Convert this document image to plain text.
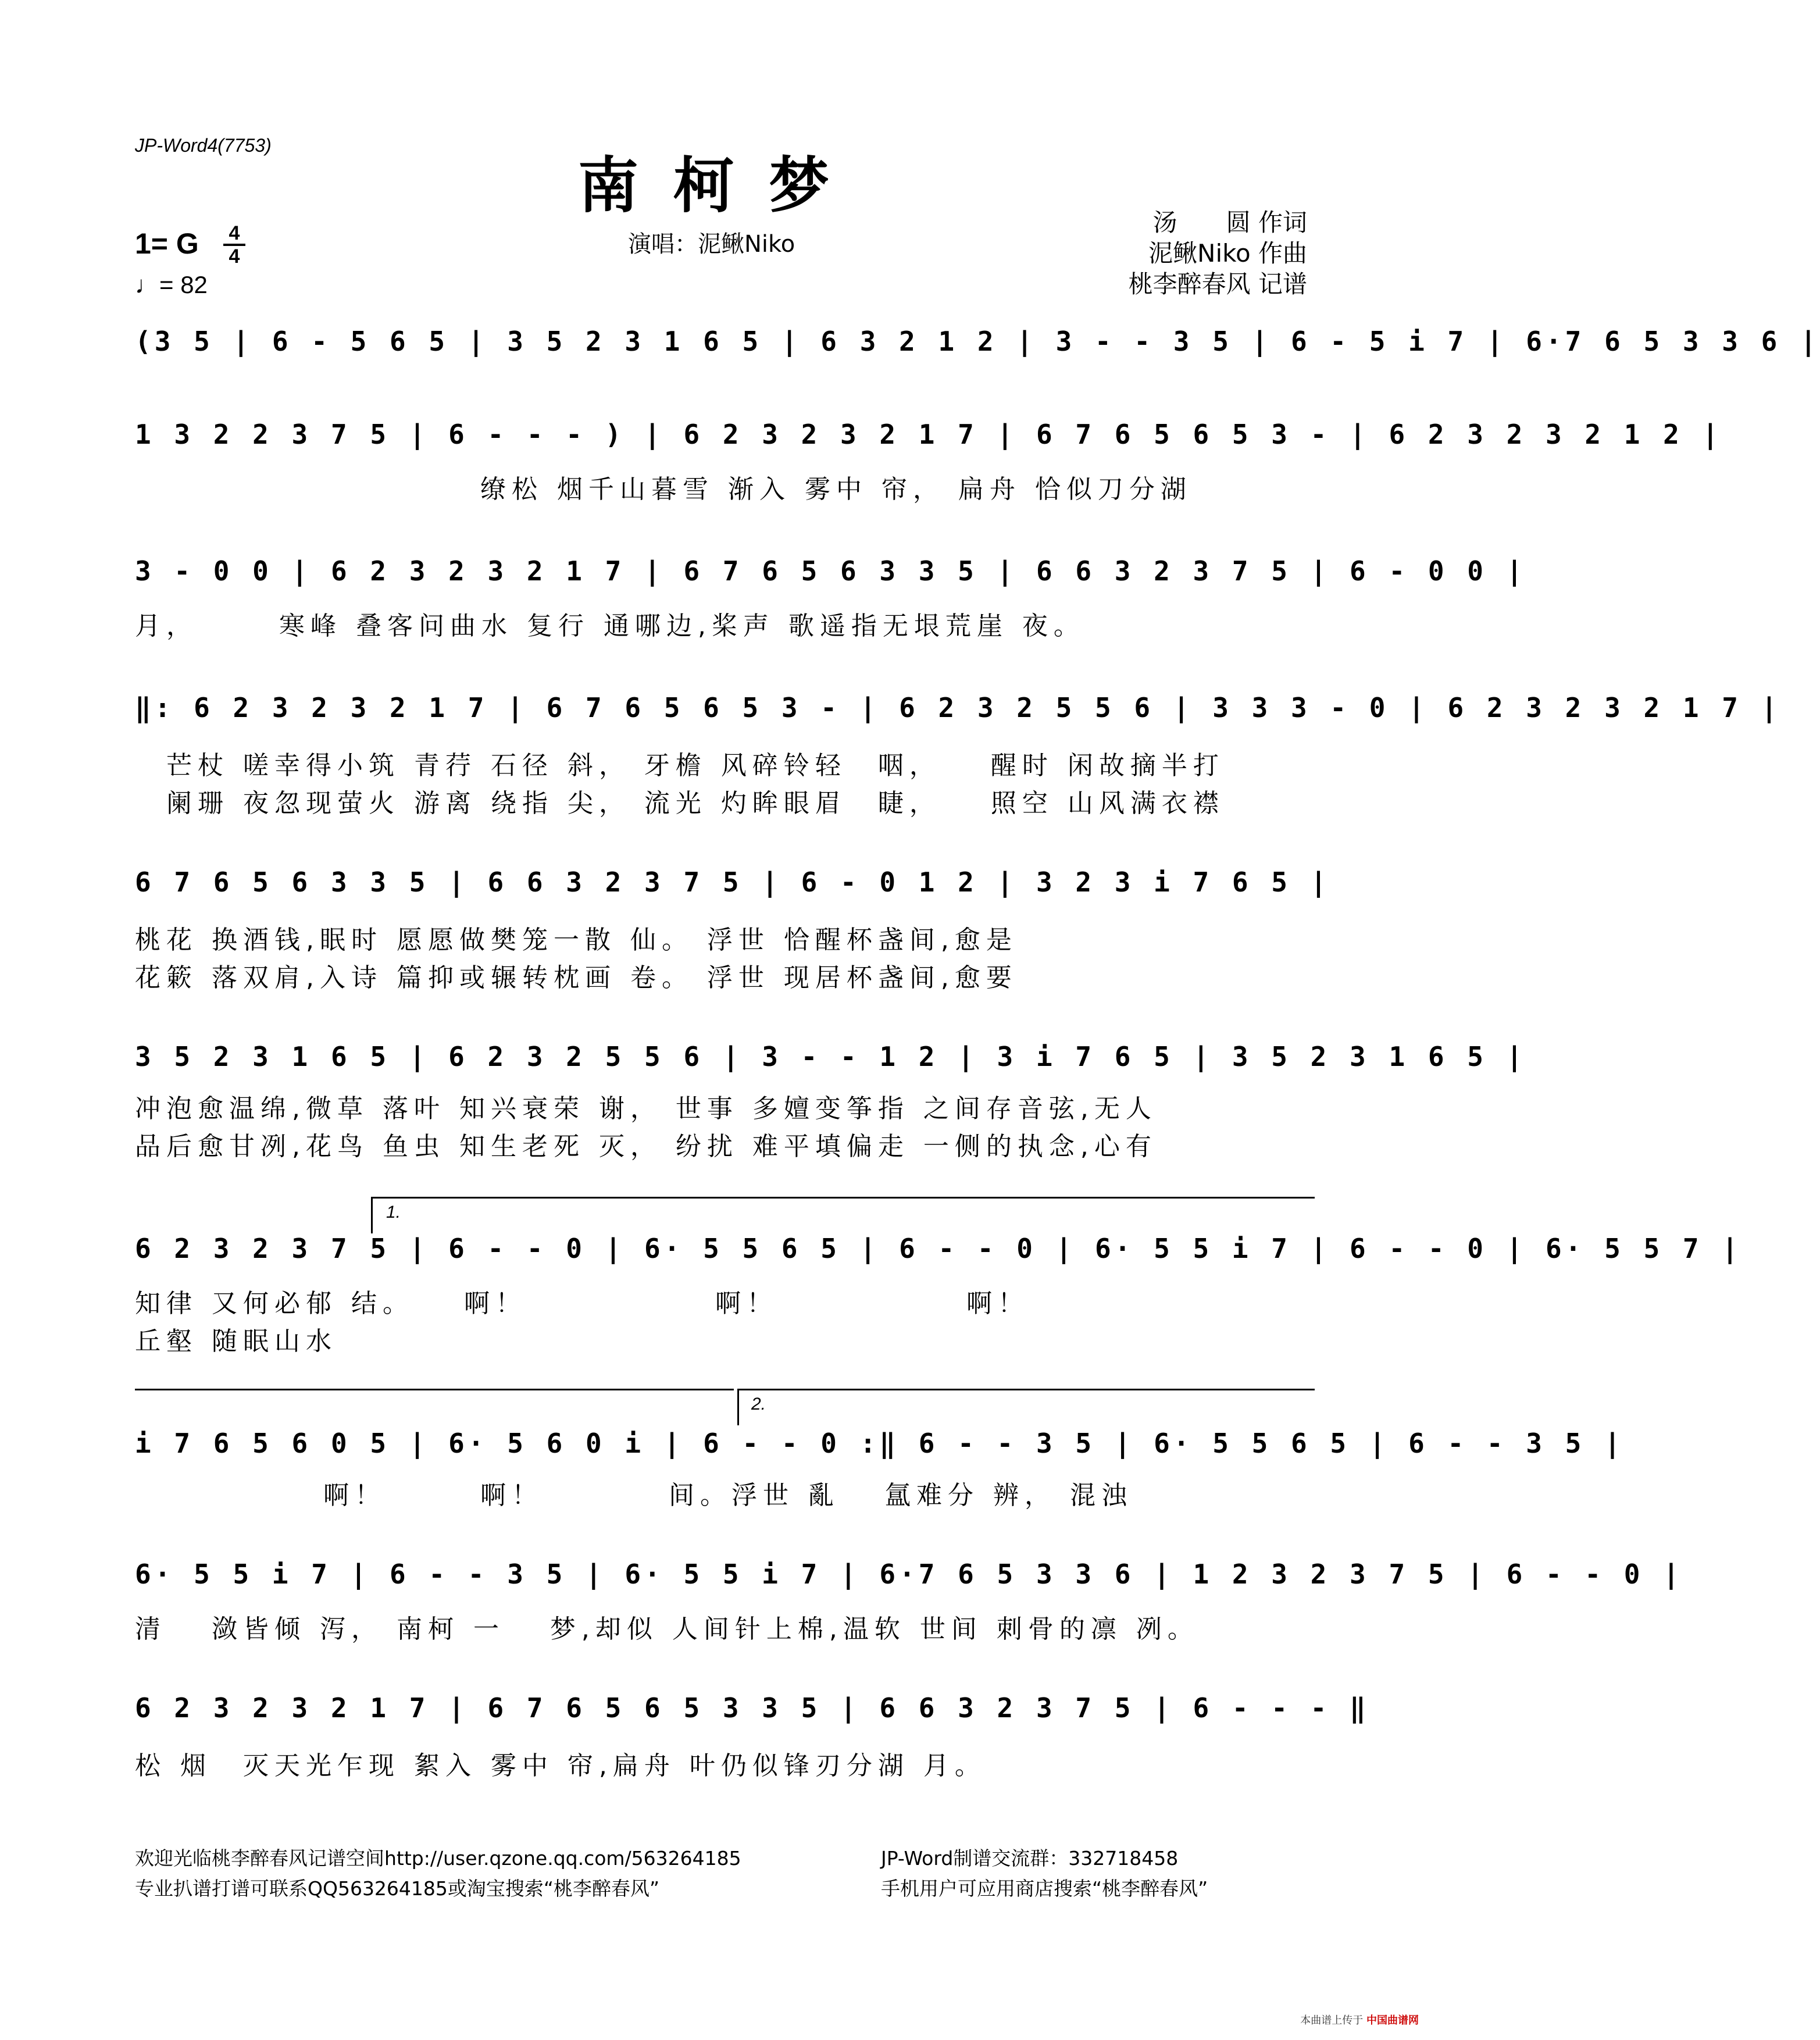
JP-Word4(7753)
南柯梦
1= G 4
4
♩= 82
演唱：泥鳅Niko
汤　　圆 作词
泥鳅Niko 作曲
桃李醉春风 记谱
(3 5 | 6 - 5 6 5 | 3 5 2 3 1 6 5 | 6 3 2 1 2 | 3 - - 3 5 | 6 - 5 i 7 | 6·7 6 5 3 3 6 |
1 3 2 2 3 7 5 | 6 - - - ) | 6 2 3 2 3 2 1 7 | 6 7 6 5 6 5 3 - | 6 2 3 2 3 2 1 2 |
　　　　　　　　　　　缭松 烟千山暮雪 渐入 雾中 帘， 扁舟 恰似刀分湖
3 - 0 0 | 6 2 3 2 3 2 1 7 | 6 7 6 5 6 3 3 5 | 6 6 3 2 3 7 5 | 6 - 0 0 |
月，　　　寒峰 叠客问曲水 复行 通哪边,桨声 歌遥指无垠荒崖 夜。
‖: 6 2 3 2 3 2 1 7 | 6 7 6 5 6 5 3 - | 6 2 3 2 5 5 6 | 3 3 3 - 0 | 6 2 3 2 3 2 1 7 |
　芒杖 嗟幸得小筑 青荇 石径 斜， 牙檐 风碎铃轻　咽，　　醒时 闲故摘半打
　阑珊 夜忽现萤火 游离 绕指 尖， 流光 灼眸眼眉　睫，　　照空 山风满衣襟
6 7 6 5 6 3 3 5 | 6 6 3 2 3 7 5 | 6 - 0 1 2 | 3 2 3 i 7 6 5 |
桃花 换酒钱,眠时 愿愿做樊笼一散 仙。 浮世 恰醒杯盏间,愈是
花簌 落双肩,入诗 篇抑或辗转枕画 卷。 浮世 现居杯盏间,愈要
3 5 2 3 1 6 5 | 6 2 3 2 5 5 6 | 3 - - 1 2 | 3 i 7 6 5 | 3 5 2 3 1 6 5 |
冲泡愈温绵,微草 落叶 知兴衰荣 谢， 世事 多嬗变筝指 之间存音弦,无人
品后愈甘冽,花鸟 鱼虫 知生老死 灭， 纷扰 难平填偏走 一侧的执念,心有
1.
6 2 3 2 3 7 5 | 6 - - 0 | 6· 5 5 6 5 | 6 - - 0 | 6· 5 5 i 7 | 6 - - 0 | 6· 5 5 7 |
知律 又何必郁 结。　　啊！　　　　　　啊！　　　　　　啊！
丘壑 随眠山水
2.
i 7 6 5 6 0 5 | 6· 5 6 0 i | 6 - - 0 :‖ 6 - - 3 5 | 6· 5 5 6 5 | 6 - - 3 5 |
　　　　　　啊！　　　啊！　　　　间。浮世 亂　 氲难分 辨， 混浊
6· 5 5 i 7 | 6 - - 3 5 | 6· 5 5 i 7 | 6·7 6 5 3 3 6 | 1 2 3 2 3 7 5 | 6 - - 0 |
清　 潋皆倾 泻， 南柯 一　 梦,却似 人间针上棉,温软 世间 刺骨的凛 冽。
6 2 3 2 3 2 1 7 | 6 7 6 5 6 5 3 3 5 | 6 6 3 2 3 7 5 | 6 - - - ‖
松 烟　灭天光乍现 絮入 雾中 帘,扁舟 叶仍似锋刃分湖 月。
欢迎光临桃李醉春风记谱空间http://user.qzone.qq.com/563264185	JP-Word制谱交流群：332718458
专业扒谱打谱可联系QQ563264185或淘宝搜索“桃李醉春风”	手机用户可应用商店搜索“桃李醉春风”
本曲谱上传于 中国曲谱网
